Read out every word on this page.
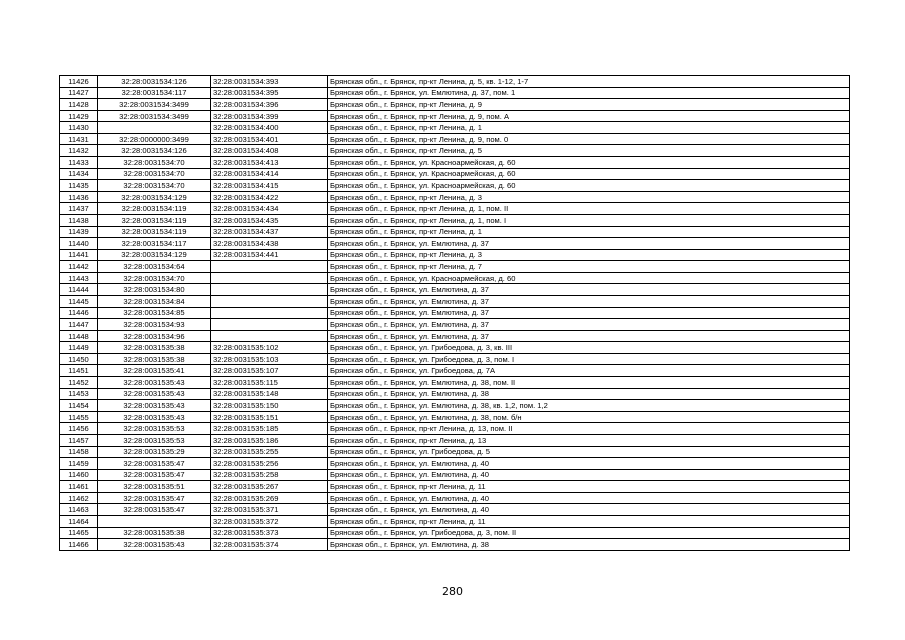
11426	32:28:0031534:126	32:28:0031534:393	Брянская обл., г. Брянск, пр-кт Ленина, д. 5, кв. 1-12, 1-7
11427	32:28:0031534:117	32:28:0031534:395	Брянская обл., г. Брянск, ул. Емлютина, д. 37, пом. 1
11428	32:28:0031534:3499	32:28:0031534:396	Брянская обл., г. Брянск, пр-кт Ленина, д. 9
11429	32:28:0031534:3499	32:28:0031534:399	Брянская обл., г. Брянск, пр-кт Ленина, д. 9, пом. А
11430		32:28:0031534:400	Брянская обл., г. Брянск, пр-кт Ленина, д. 1
11431	32:28:0000000:3499	32:28:0031534:401	Брянская обл., г. Брянск, пр-кт Ленина, д. 9, пом. 0
11432	32:28:0031534:126	32:28:0031534:408	Брянская обл., г. Брянск, пр-кт Ленина, д. 5
11433	32:28:0031534:70	32:28:0031534:413	Брянская обл., г. Брянск, ул. Красноармейская, д. 60
11434	32:28:0031534:70	32:28:0031534:414	Брянская обл., г. Брянск, ул. Красноармейская, д. 60
11435	32:28:0031534:70	32:28:0031534:415	Брянская обл., г. Брянск, ул. Красноармейская, д. 60
11436	32:28:0031534:129	32:28:0031534:422	Брянская обл., г. Брянск, пр-кт Ленина, д. 3
11437	32:28:0031534:119	32:28:0031534:434	Брянская обл., г. Брянск, пр-кт Ленина, д. 1, пом. II
11438	32:28:0031534:119	32:28:0031534:435	Брянская обл., г. Брянск, пр-кт Ленина, д. 1, пом. I
11439	32:28:0031534:119	32:28:0031534:437	Брянская обл., г. Брянск, пр-кт Ленина, д. 1
11440	32:28:0031534:117	32:28:0031534:438	Брянская обл., г. Брянск, ул. Емлютина, д. 37
11441	32:28:0031534:129	32:28:0031534:441	Брянская обл., г. Брянск, пр-кт Ленина, д. 3
11442	32:28:0031534:64		Брянская обл., г. Брянск, пр-кт Ленина, д. 7
11443	32:28:0031534:70		Брянская обл., г. Брянск, ул. Красноармейская, д. 60
11444	32:28:0031534:80		Брянская обл., г. Брянск, ул. Емлютина, д. 37
11445	32:28:0031534:84		Брянская обл., г. Брянск, ул. Емлютина, д. 37
11446	32:28:0031534:85		Брянская обл., г. Брянск, ул. Емлютина, д. 37
11447	32:28:0031534:93		Брянская обл., г. Брянск, ул. Емлютина, д. 37
11448	32:28:0031534:96		Брянская обл., г. Брянск, ул. Емлютина, д. 37
11449	32:28:0031535:38	32:28:0031535:102	Брянская обл., г. Брянск, ул. Грибоедова, д. 3, кв. III
11450	32:28:0031535:38	32:28:0031535:103	Брянская обл., г. Брянск, ул. Грибоедова, д. 3, пом. I
11451	32:28:0031535:41	32:28:0031535:107	Брянская обл., г. Брянск, ул. Грибоедова, д. 7А
11452	32:28:0031535:43	32:28:0031535:115	Брянская обл., г. Брянск, ул. Емлютина, д. 38, пом. II
11453	32:28:0031535:43	32:28:0031535:148	Брянская обл., г. Брянск, ул. Емлютина, д. 38
11454	32:28:0031535:43	32:28:0031535:150	Брянская обл., г. Брянск, ул. Емлютина, д. 38, кв. 1,2, пом. 1,2
11455	32:28:0031535:43	32:28:0031535:151	Брянская обл., г. Брянск, ул. Емлютина, д. 38, пом. б/н
11456	32:28:0031535:53	32:28:0031535:185	Брянская обл., г. Брянск, пр-кт Ленина, д. 13, пом. II
11457	32:28:0031535:53	32:28:0031535:186	Брянская обл., г. Брянск, пр-кт Ленина, д. 13
11458	32:28:0031535:29	32:28:0031535:255	Брянская обл., г. Брянск, ул. Грибоедова, д. 5
11459	32:28:0031535:47	32:28:0031535:256	Брянская обл., г. Брянск, ул. Емлютина, д. 40
11460	32:28:0031535:47	32:28:0031535:258	Брянская обл., г. Брянск, ул. Емлютина, д. 40
11461	32:28:0031535:51	32:28:0031535:267	Брянская обл., г. Брянск, пр-кт Ленина, д. 11
11462	32:28:0031535:47	32:28:0031535:269	Брянская обл., г. Брянск, ул. Емлютина, д. 40
11463	32:28:0031535:47	32:28:0031535:371	Брянская обл., г. Брянск, ул. Емлютина, д. 40
11464		32:28:0031535:372	Брянская обл., г. Брянск, пр-кт Ленина, д. 11
11465	32:28:0031535:38	32:28:0031535:373	Брянская обл., г. Брянск, ул. Грибоедова, д. 3, пом. II
11466	32:28:0031535:43	32:28:0031535:374	Брянская обл., г. Брянск, ул. Емлютина, д. 38
280
